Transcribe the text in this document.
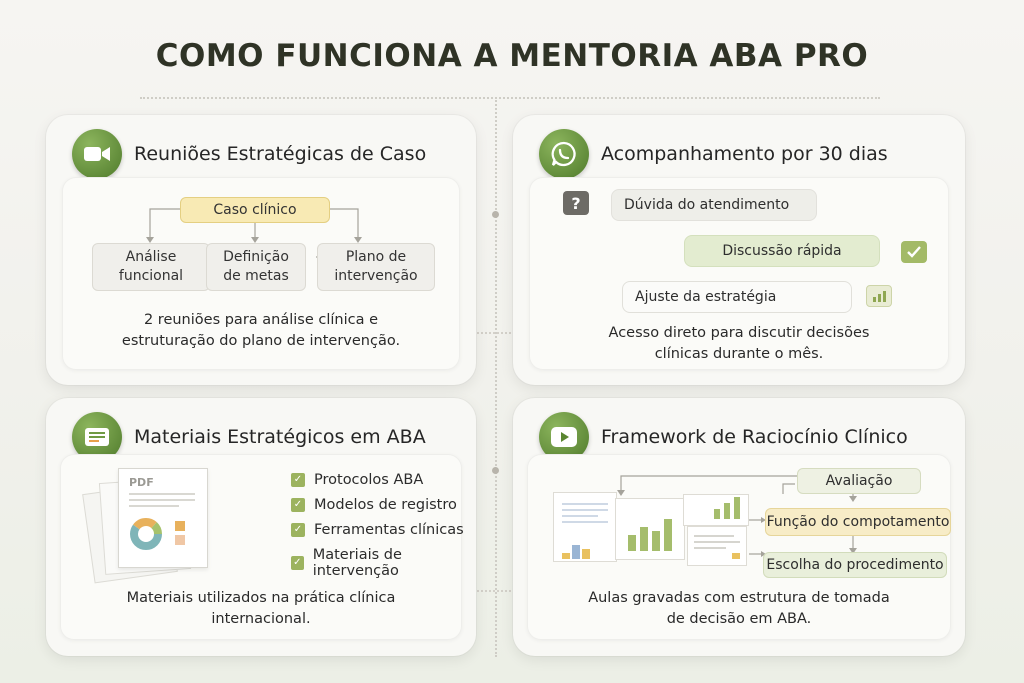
COMO FUNCIONA A MENTORIA ABA PRO
Reuniões Estratégicas de Caso
Caso clínico
Análise
funcional
Definição
de metas
Plano de
intervenção
2 reuniões para análise clínica e
estruturação do plano de intervenção.
Acompanhamento por 30 dias
?	Dúvida do atendimento
Discussão rápida
Ajuste da estratégia
Acesso direto para discutir decisões
clínicas durante o mês.
Materiais Estratégicos em ABA
PDF
Materiais utilizados na prática clínica
internacional.
✓ Protocolos ABA
✓ Modelos de registro
✓ Ferramentas clínicas
✓ Materiais de intervenção
Framework de Raciocínio Clínico
Avaliação
Função do compotamento
Escolha do procedimento
Aulas gravadas com estrutura de tomada
de decisão em ABA.
